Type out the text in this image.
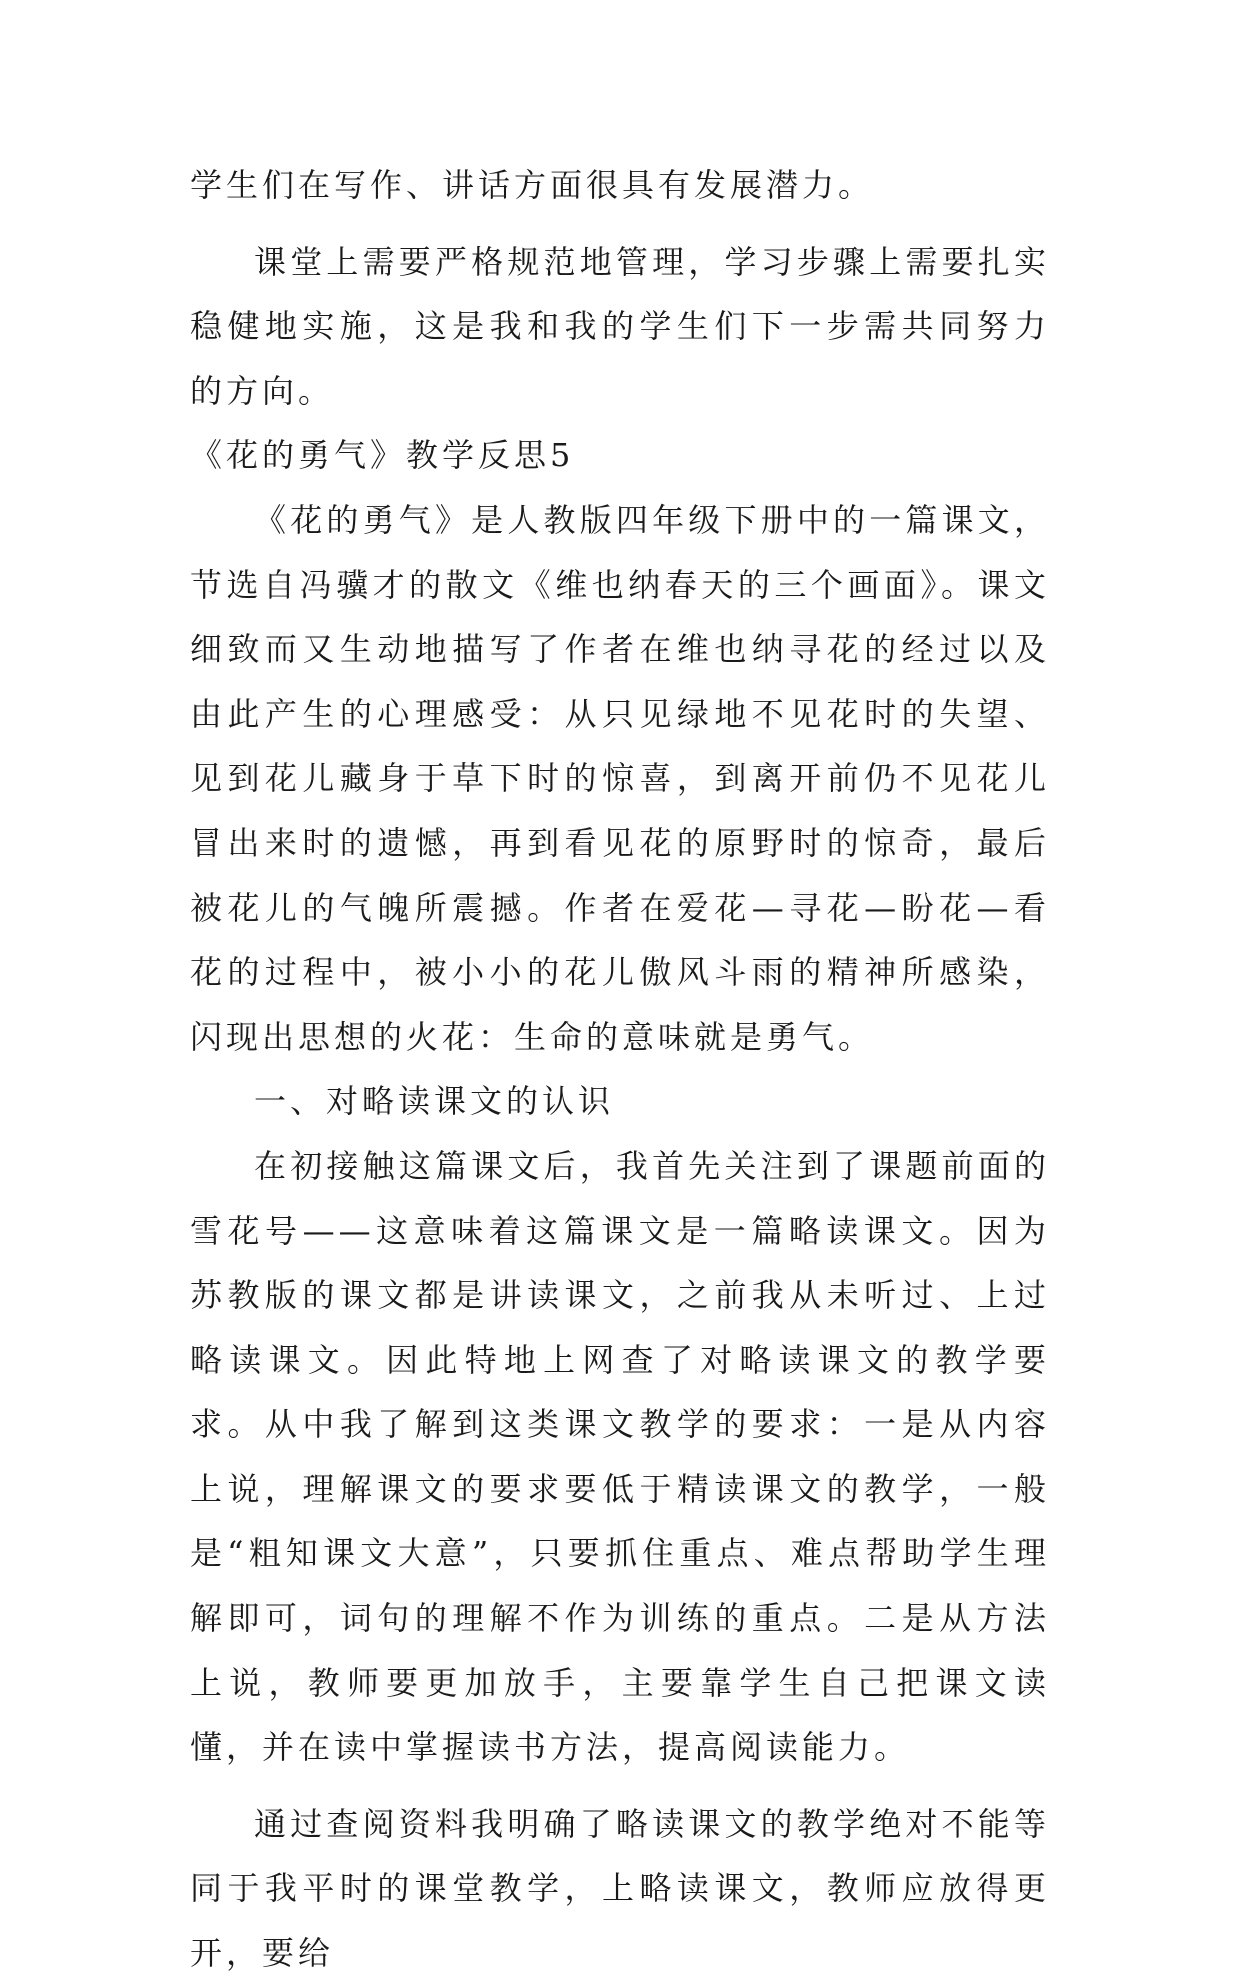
学生们在写作、讲话方面很具有发展潜力。

课堂上需要严格规范地管理，学习步骤上需要扎实稳健地实施，这是我和我的学生们下一步需共同努力的方向。

《花的勇气》教学反思5

《花的勇气》是人教版四年级下册中的一篇课文，节选自冯骥才的散文《维也纳春天的三个画面》。课文细致而又生动地描写了作者在维也纳寻花的经过以及由此产生的心理感受：从只见绿地不见花时的失望、见到花儿藏身于草下时的惊喜，到离开前仍不见花儿冒出来时的遗憾，再到看见花的原野时的惊奇，最后被花儿的气魄所震撼。作者在爱花—寻花—盼花—看花的过程中，被小小的花儿傲风斗雨的精神所感染，闪现出思想的火花：生命的意味就是勇气。

一、对略读课文的认识

在初接触这篇课文后，我首先关注到了课题前面的雪花号——这意味着这篇课文是一篇略读课文。因为苏教版的课文都是讲读课文，之前我从未听过、上过略读课文。因此特地上网查了对略读课文的教学要求。从中我了解到这类课文教学的要求：一是从内容上说，理解课文的要求要低于精读课文的教学，一般是“粗知课文大意”，只要抓住重点、难点帮助学生理解即可，词句的理解不作为训练的重点。二是从方法上说，教师要更加放手，主要靠学生自己把课文读懂，并在读中掌握读书方法，提高阅读能力。

通过查阅资料我明确了略读课文的教学绝对不能等同于我平时的课堂教学，上略读课文，教师应放得更开，要给
